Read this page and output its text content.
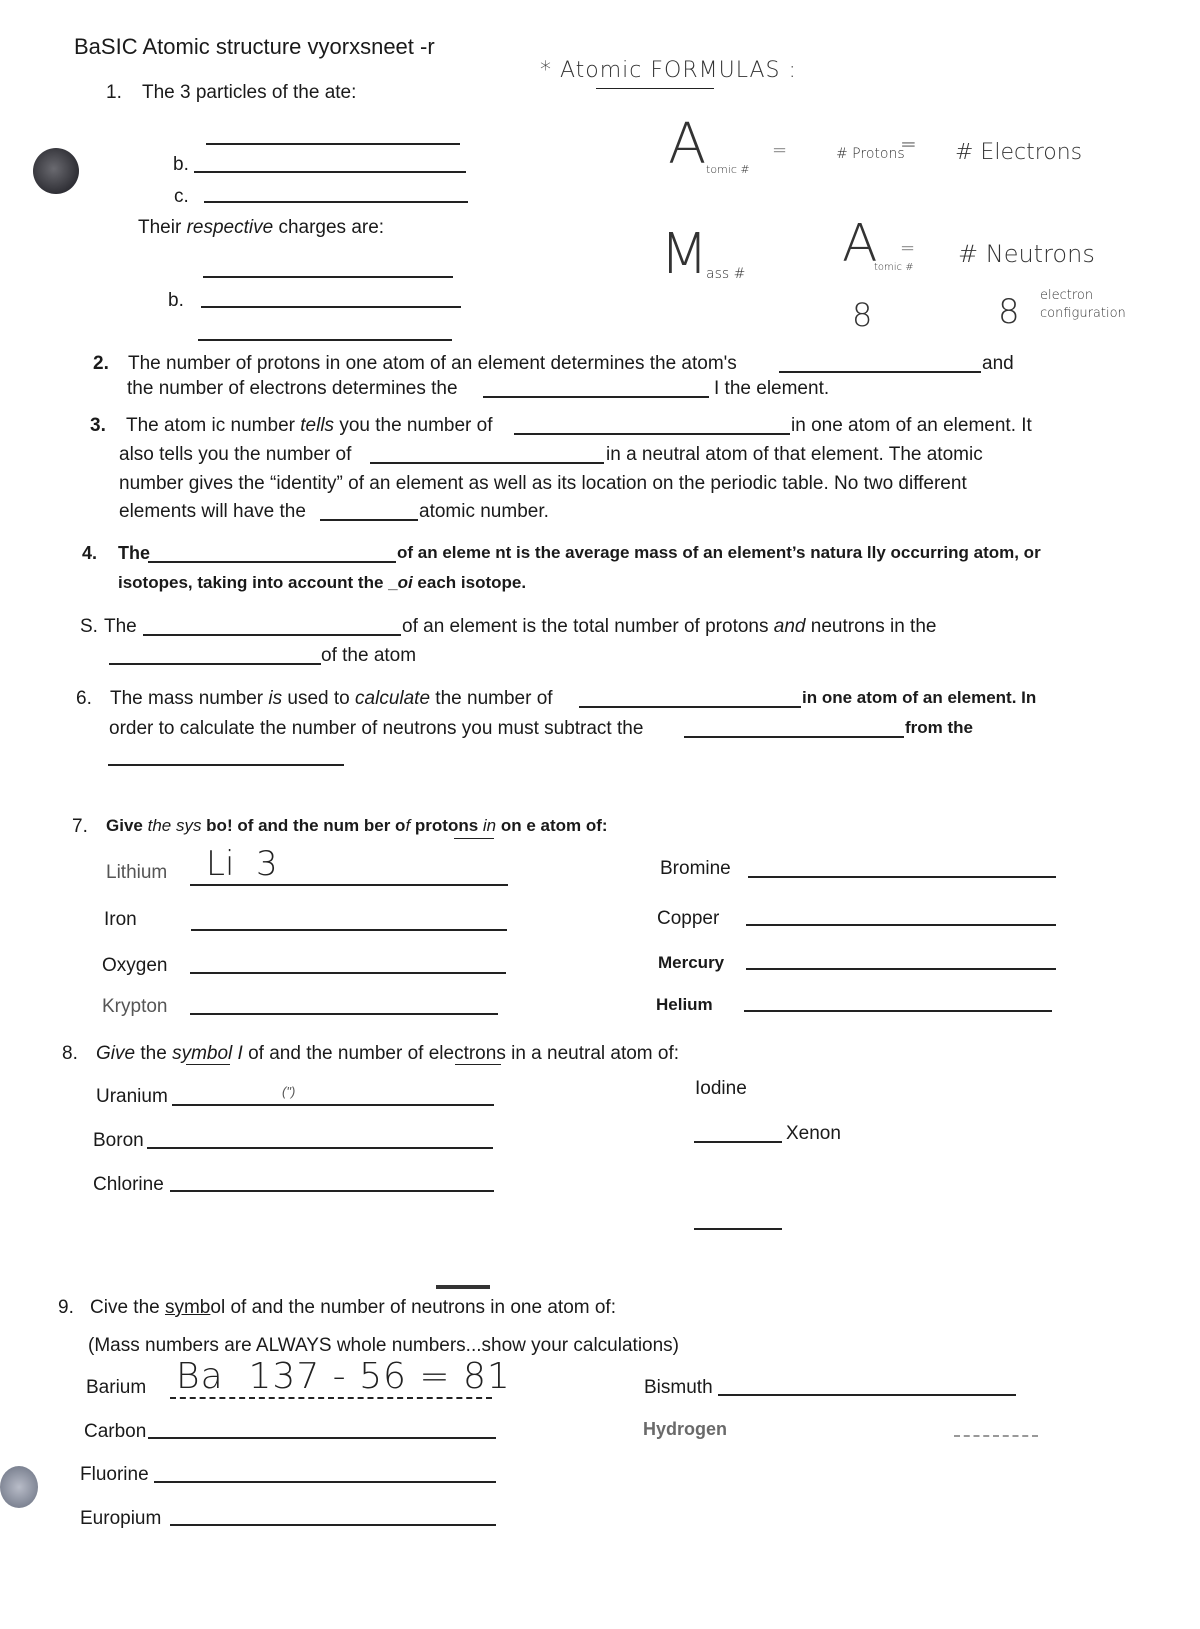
BaSIC Atomic structure vyorxsneet -r
* Atomic FORMULAS :
A tomic #
=	# Protons
= # Electrons
M
ass # A
tomic #
= # Neutrons
8	8 electron configuration
1. The 3 particles of the ate:
b.
c.
Their respective charges are:
b.
2. The number of protons in one atom of an element determines the atom's	and
the number of electrons determines the	I the element.
3. The atom ic number tells you the number of	in one atom of an element. It
also tells you the number of	in a neutral atom of that element. The atomic
number gives the “identity” of an element as well as its location on the periodic table. No two different
elements will have the	atomic number.
4. The	of an eleme nt is the average mass of an element’s natura lly occurring atom, or
isotopes, taking into account the _oi each isotope.
S. The	of an element is the total number of protons and neutrons in the
of the atom
6. The mass number is used to calculate the number of	in one atom of an element. In
order to calculate the number of neutrons you must subtract the	from the
7. Give the sys bo! of and the num ber of protons in on e atom of:
Lithium Li  3
Iron
Oxygen
Krypton
Bromine
Copper
Mercury
Helium
8. Give the symbol I of and the number of electrons in a neutral atom of:
Uranium	(")
Boron
Chlorine
Iodine
Xenon
9. Cive the symbol of and the number of neutrons in one atom of:
(Mass numbers are ALWAYS whole numbers...show your calculations)
Barium Ba  137 - 56 = 81
Carbon
Fluorine
Europium
Bismuth
Hydrogen
